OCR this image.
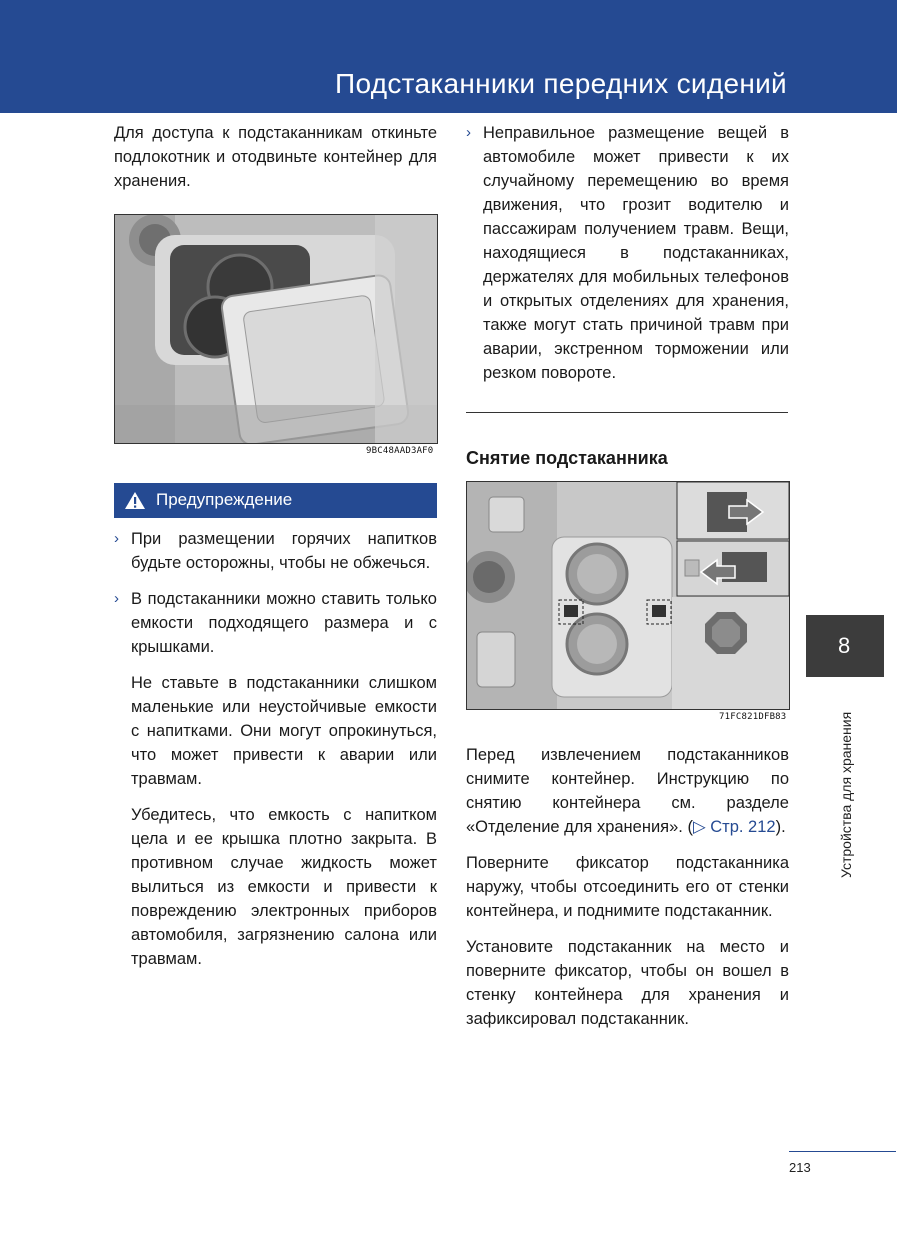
Подстаканники передних сидений

Для доступа к подстаканникам откиньте подлокотник и отодвиньте контейнер для хранения.

9BC48AAD3AF0
Предупреждение
› При размещении горячих напитков будьте осторожны, чтобы не обжечься.

› В подстаканники можно ставить только емкости подходящего размера и с крышками.

Не ставьте в подстаканники слишком маленькие или неустойчивые емкости с напитками. Они могут опрокинуться, что может привести к аварии или травмам.

Убедитесь, что емкость с напитком цела и ее крышка плотно закрыта. В противном случае жидкость может вылиться из емкости и привести к повреждению электронных приборов автомобиля, загрязнению салона или травмам.

› Неправильное размещение вещей в автомобиле может привести к их случайному перемещению во время движения, что грозит водителю и пассажирам получением травм. Вещи, находящиеся в подстаканниках, держателях для мобильных телефонов и открытых отделениях для хранения, также могут стать причиной травм при аварии, экстренном торможении или резком повороте.

Снятие подстаканника
71FC821DFB83

Перед извлечением подстаканников снимите контейнер. Инструкцию по снятию контейнера см. разделе «Отделение для хранения». (▷ Стр. 212).

Поверните фиксатор подстаканника наружу, чтобы отсоединить его от стенки контейнера, и поднимите подстаканник.

Установите подстаканник на место и поверните фиксатор, чтобы он вошел в стенку контейнера для хранения и зафиксировал подстаканник.

8
Устройства для хранения
213
